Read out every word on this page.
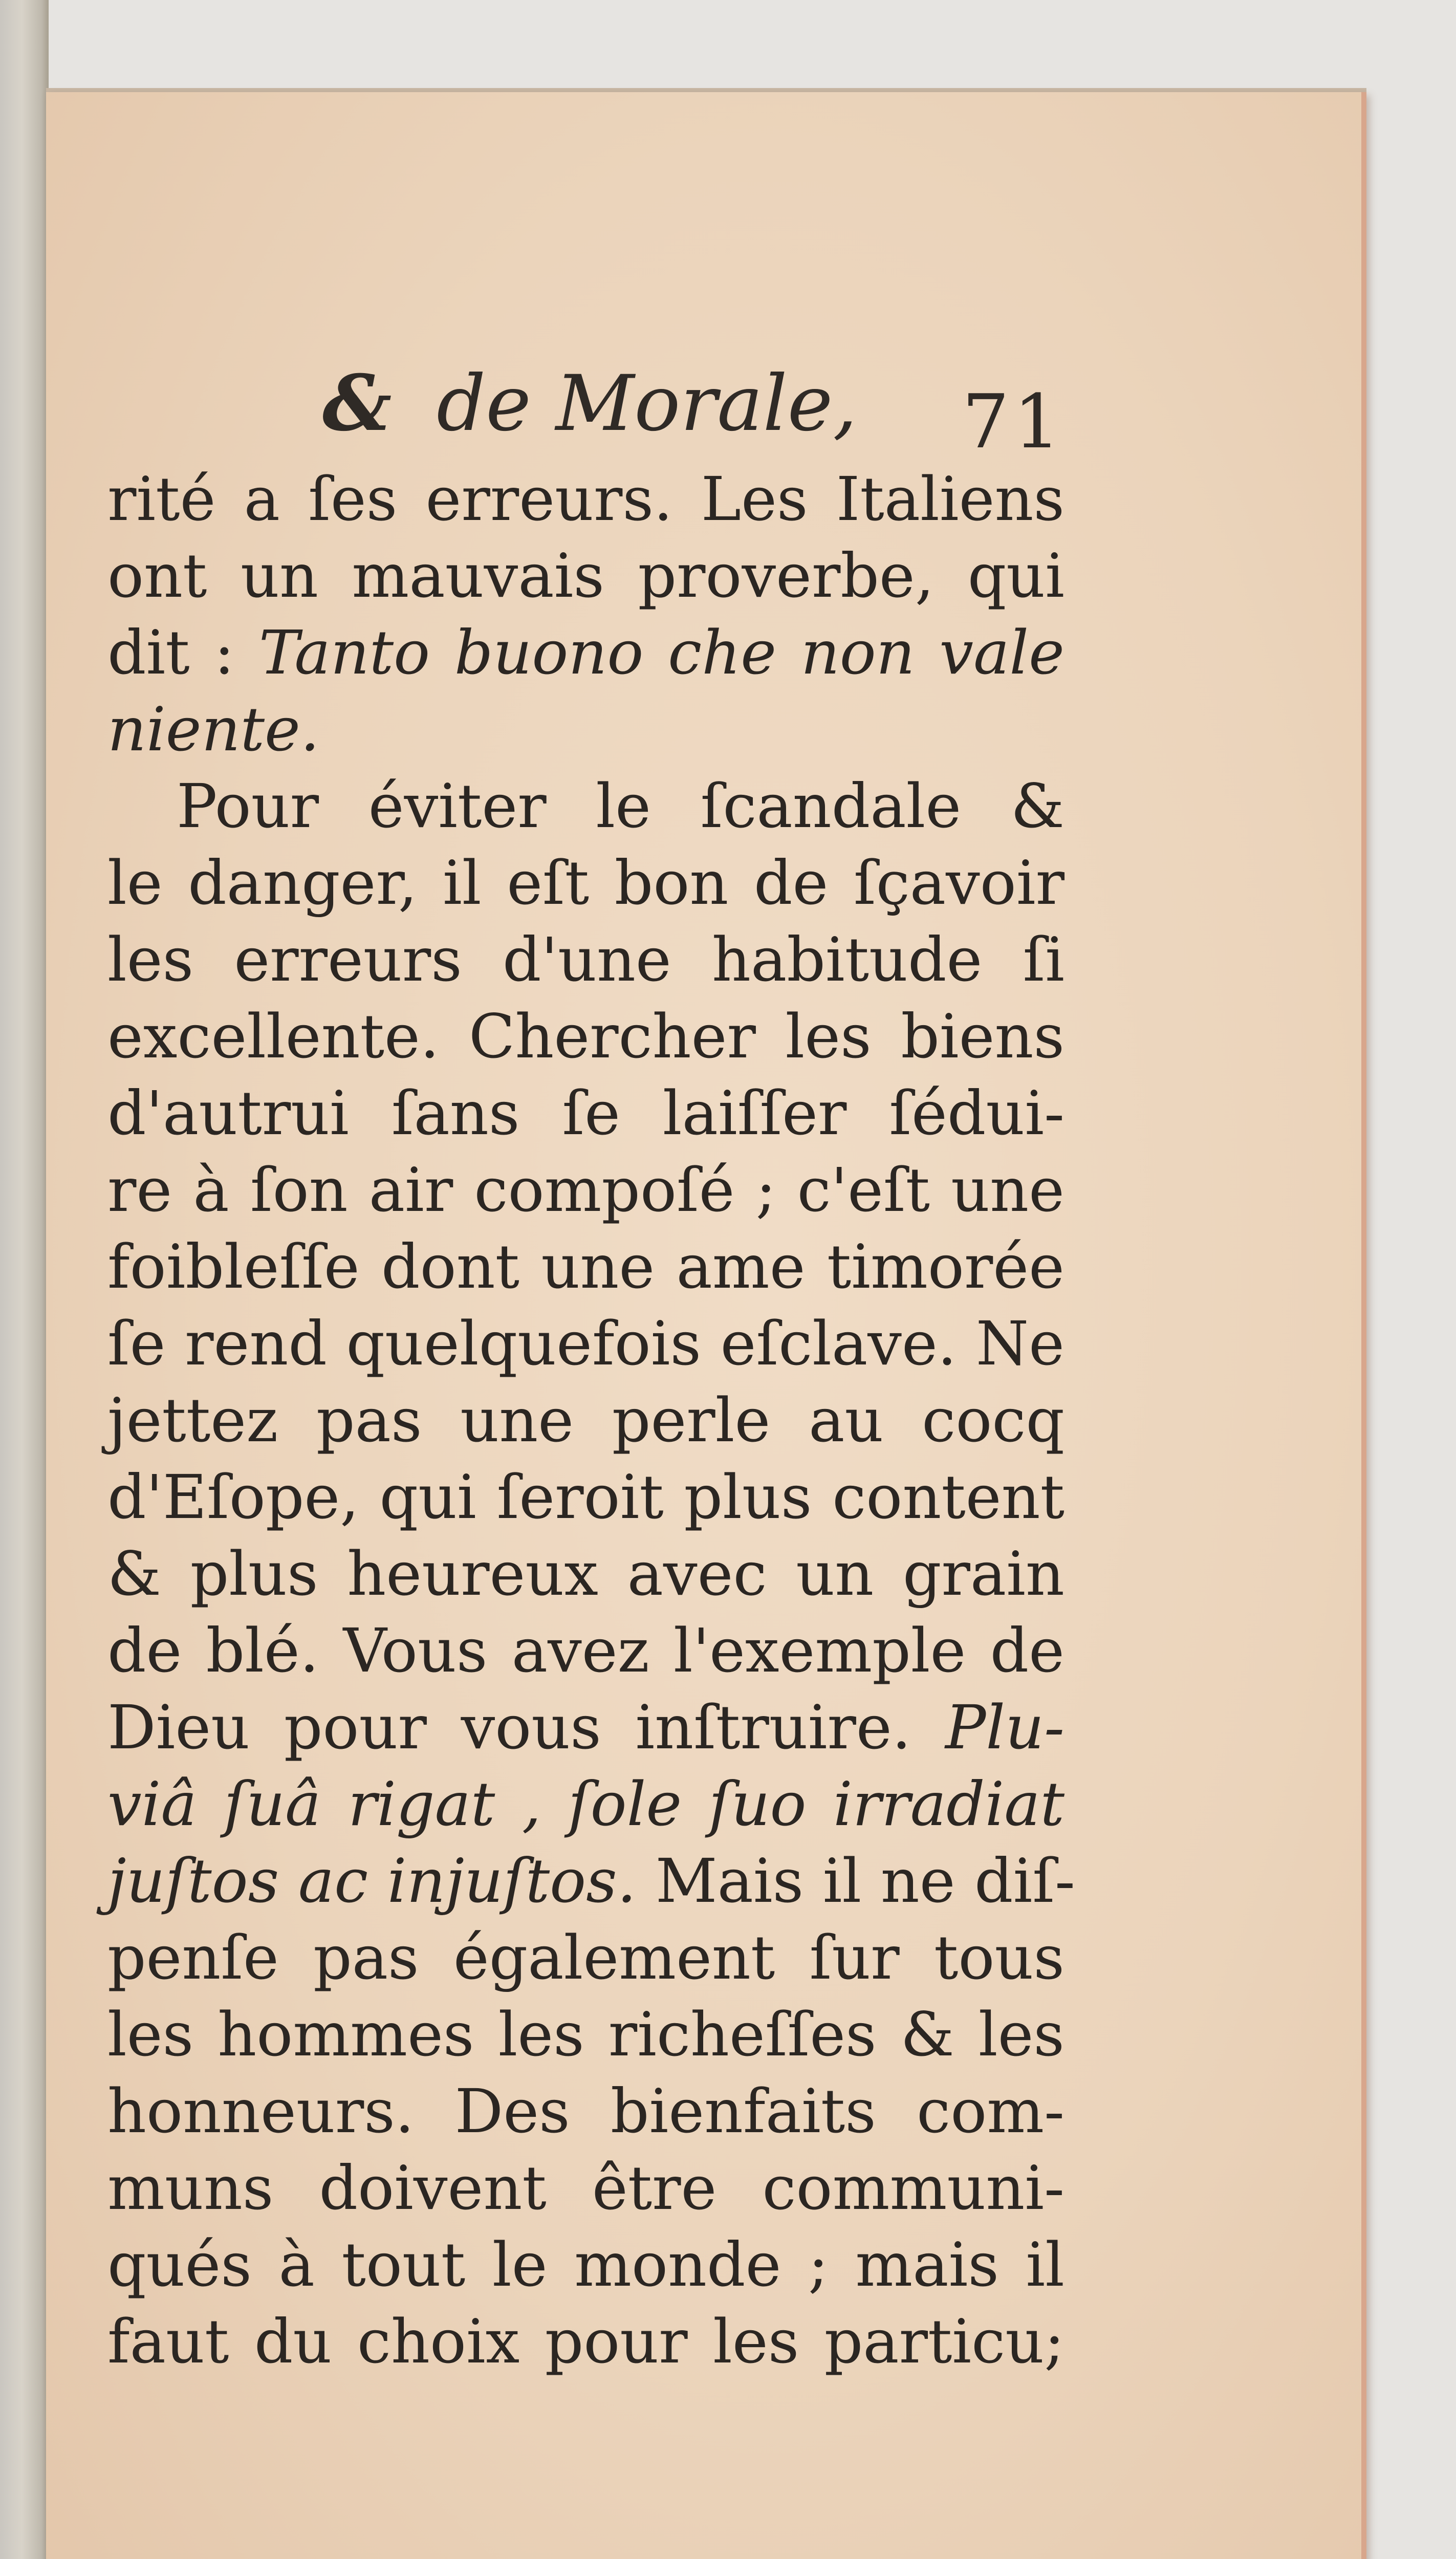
& de Morale, 71
rité a ſes erreurs. Les Italiens
ont un mauvais proverbe, qui
dit : Tanto buono che non vale
niente.
Pour éviter le ſcandale &
le danger, il eſt bon de ſçavoir
les erreurs d'une habitude ſi
excellente. Chercher les biens
d'autrui ſans ſe laiſſer ſédui-
re à ſon air compoſé ; c'eſt une
foibleſſe dont une ame timorée
ſe rend quelquefois eſclave. Ne
jettez pas une perle au cocq
d'Eſope, qui ſeroit plus content
& plus heureux avec un grain
de blé. Vous avez l'exemple de
Dieu pour vous inſtruire. Plu-
viâ ſuâ rigat , ſole ſuo irradiat
juſtos ac injuſtos. Mais il ne diſ-
penſe pas également ſur tous
les hommes les richeſſes & les
honneurs. Des bienfaits com-
muns doivent être communi-
qués à tout le monde ; mais il
faut du choix pour les particu;
